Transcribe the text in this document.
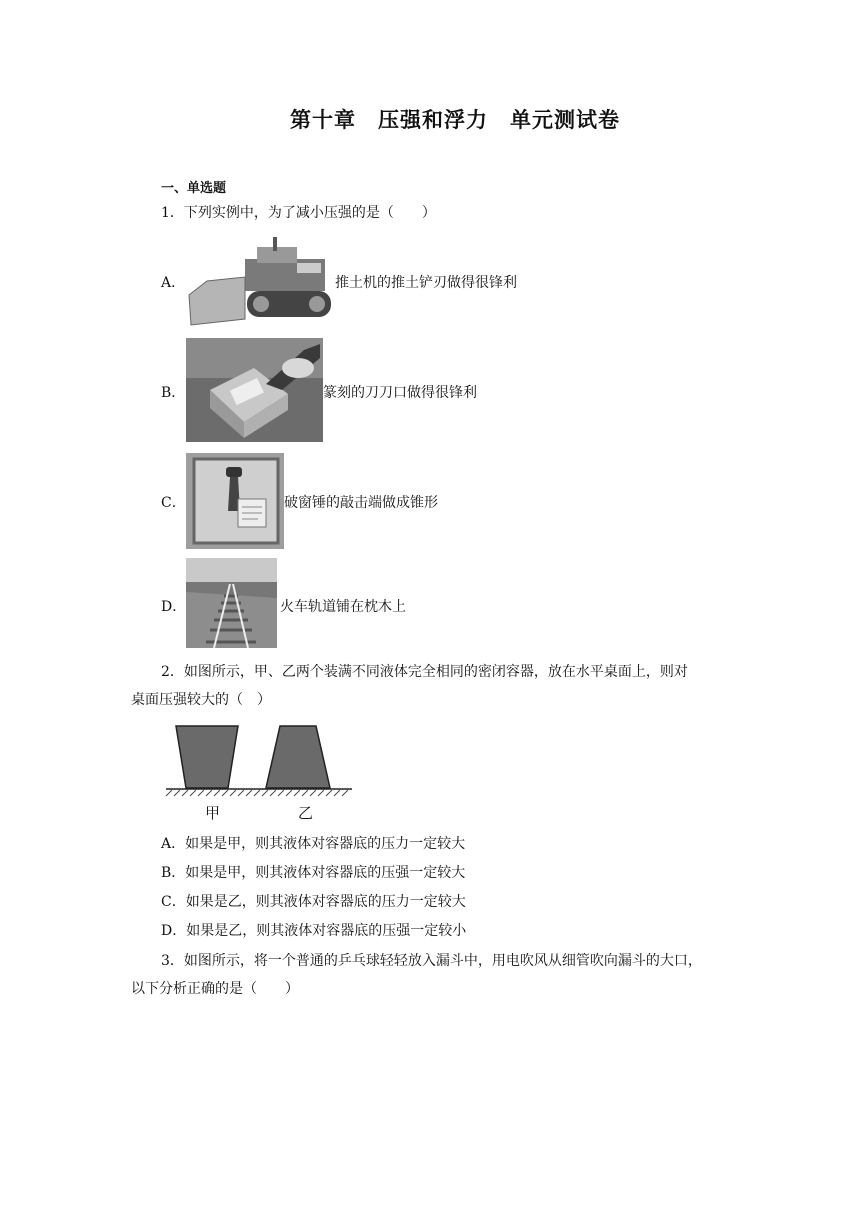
第十章 压强和浮力 单元测试卷
一、单选题
1．下列实例中，为了减小压强的是（　　）
A．	推土机的推土铲刃做得很锋利
B．	篆刻的刀刀口做得很锋利
C．	破窗锤的敲击端做成锥形
D．	火车轨道铺在枕木上
2．如图所示，甲、乙两个装满不同液体完全相同的密闭容器，放在水平桌面上，则对
桌面压强较大的（　）
甲	乙
A．如果是甲，则其液体对容器底的压力一定较大
B．如果是甲，则其液体对容器底的压强一定较大
C．如果是乙，则其液体对容器底的压力一定较大
D．如果是乙，则其液体对容器底的压强一定较小
3．如图所示，将一个普通的乒乓球轻轻放入漏斗中，用电吹风从细管吹向漏斗的大口，
以下分析正确的是（　　）
